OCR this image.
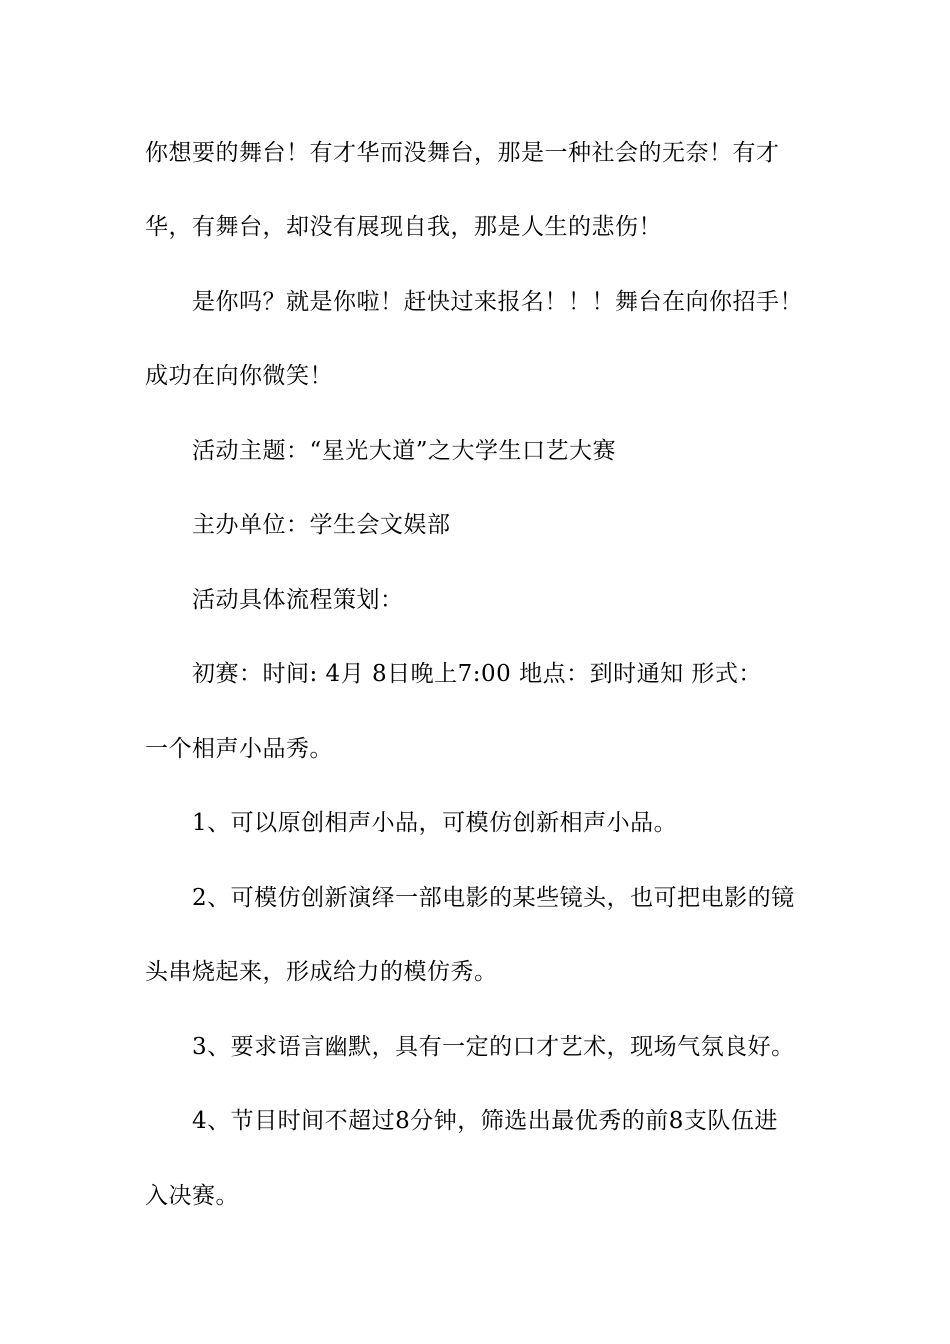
你想要的舞台！有才华而没舞台，那是一种社会的无奈！有才

华，有舞台，却没有展现自我，那是人生的悲伤！

是你吗？就是你啦！赶快过来报名！！！舞台在向你招手！

成功在向你微笑！

活动主题：“星光大道”之大学生口艺大赛

主办单位：学生会文娱部

活动具体流程策划：

初赛：时间: 4月 8日晚上7:00 地点：到时通知 形式：

一个相声小品秀。

1、可以原创相声小品，可模仿创新相声小品。

2、可模仿创新演绎一部电影的某些镜头，也可把电影的镜

头串烧起来，形成给力的模仿秀。

3、要求语言幽默，具有一定的口才艺术，现场气氛良好。

4、节目时间不超过8分钟，筛选出最优秀的前8支队伍进

入决赛。
